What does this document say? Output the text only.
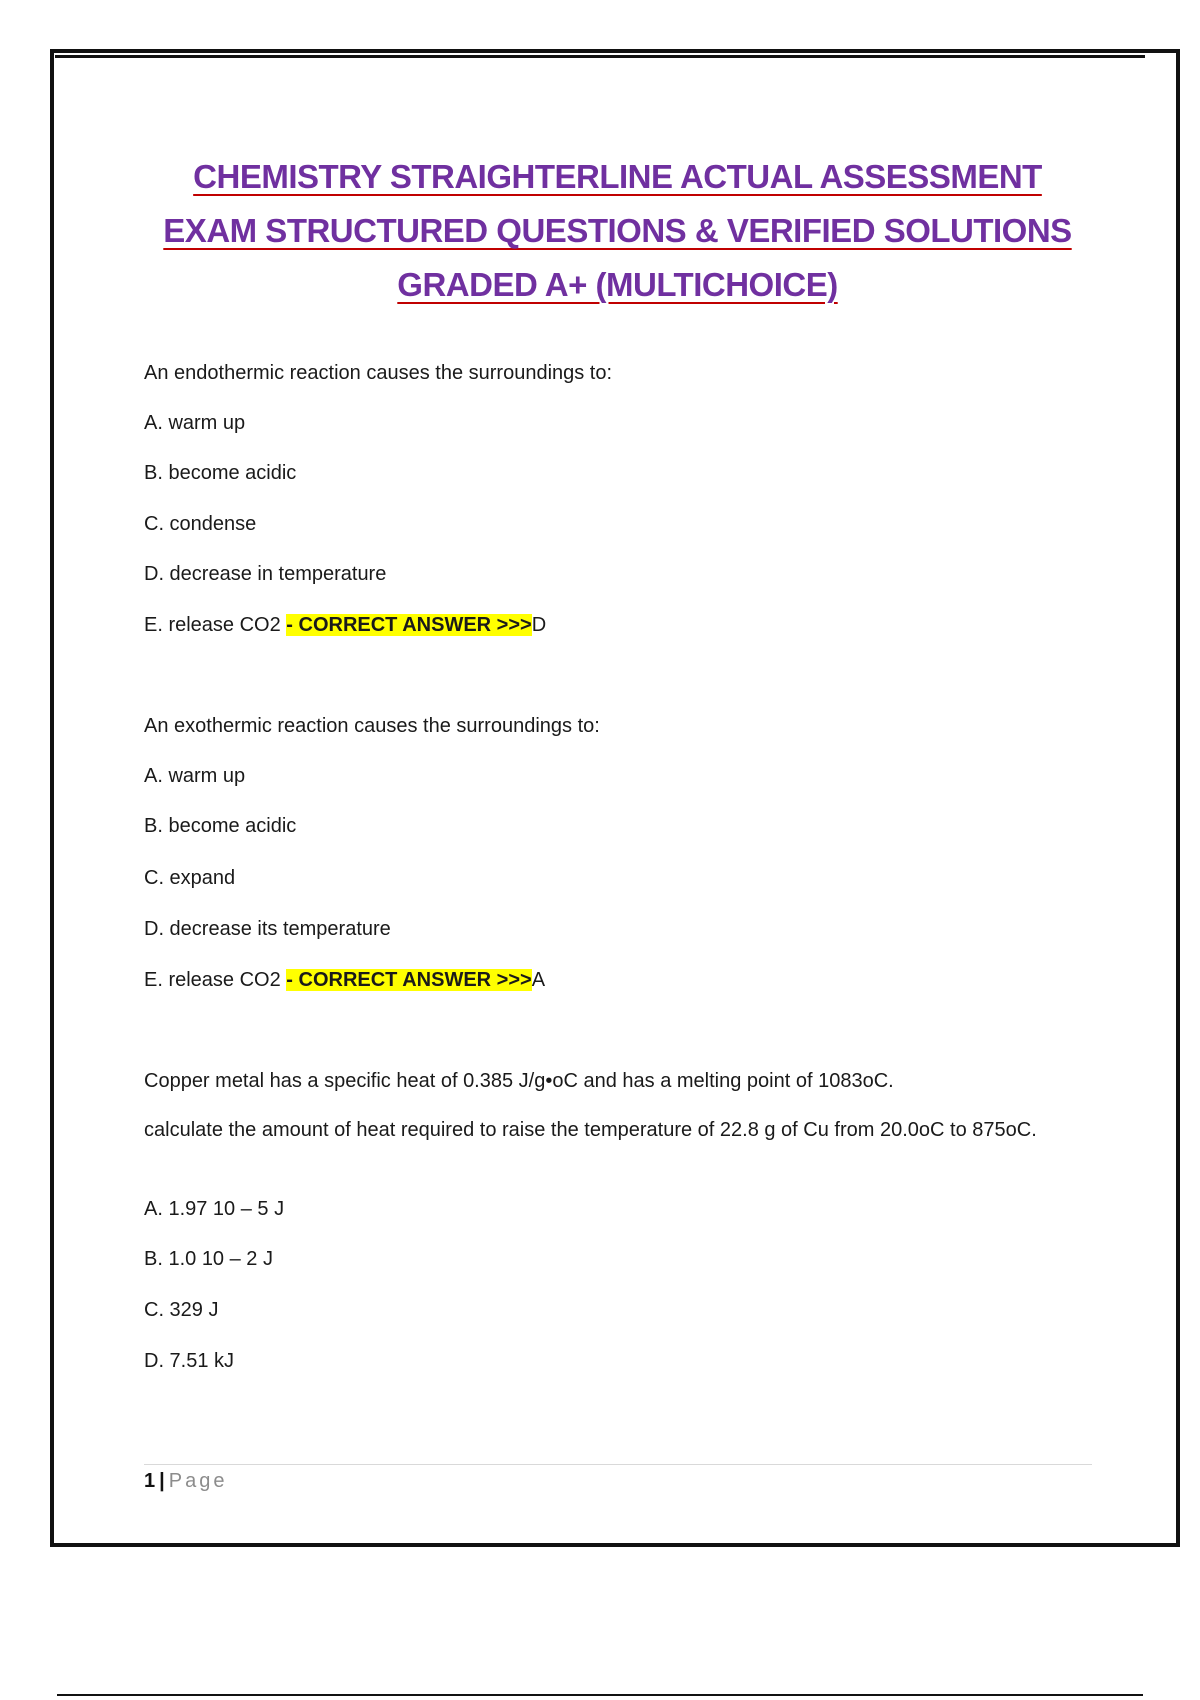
CHEMISTRY STRAIGHTERLINE ACTUAL ASSESSMENT
EXAM STRUCTURED QUESTIONS & VERIFIED SOLUTIONS
GRADED A+ (MULTICHOICE)
An endothermic reaction causes the surroundings to:
A. warm up
B. become acidic
C. condense
D. decrease in temperature
E. release CO2 - CORRECT ANSWER >>>D
An exothermic reaction causes the surroundings to:
A. warm up
B. become acidic
C. expand
D. decrease its temperature
E. release CO2 - CORRECT ANSWER >>>A
Copper metal has a specific heat of 0.385 J/g•oC and has a melting point of 1083oC.
calculate the amount of heat required to raise the temperature of 22.8 g of Cu from 20.0oC to 875oC.
A. 1.97 10 – 5 J
B. 1.0 10 – 2 J
C. 329 J
D. 7.51 kJ
1 | Page
